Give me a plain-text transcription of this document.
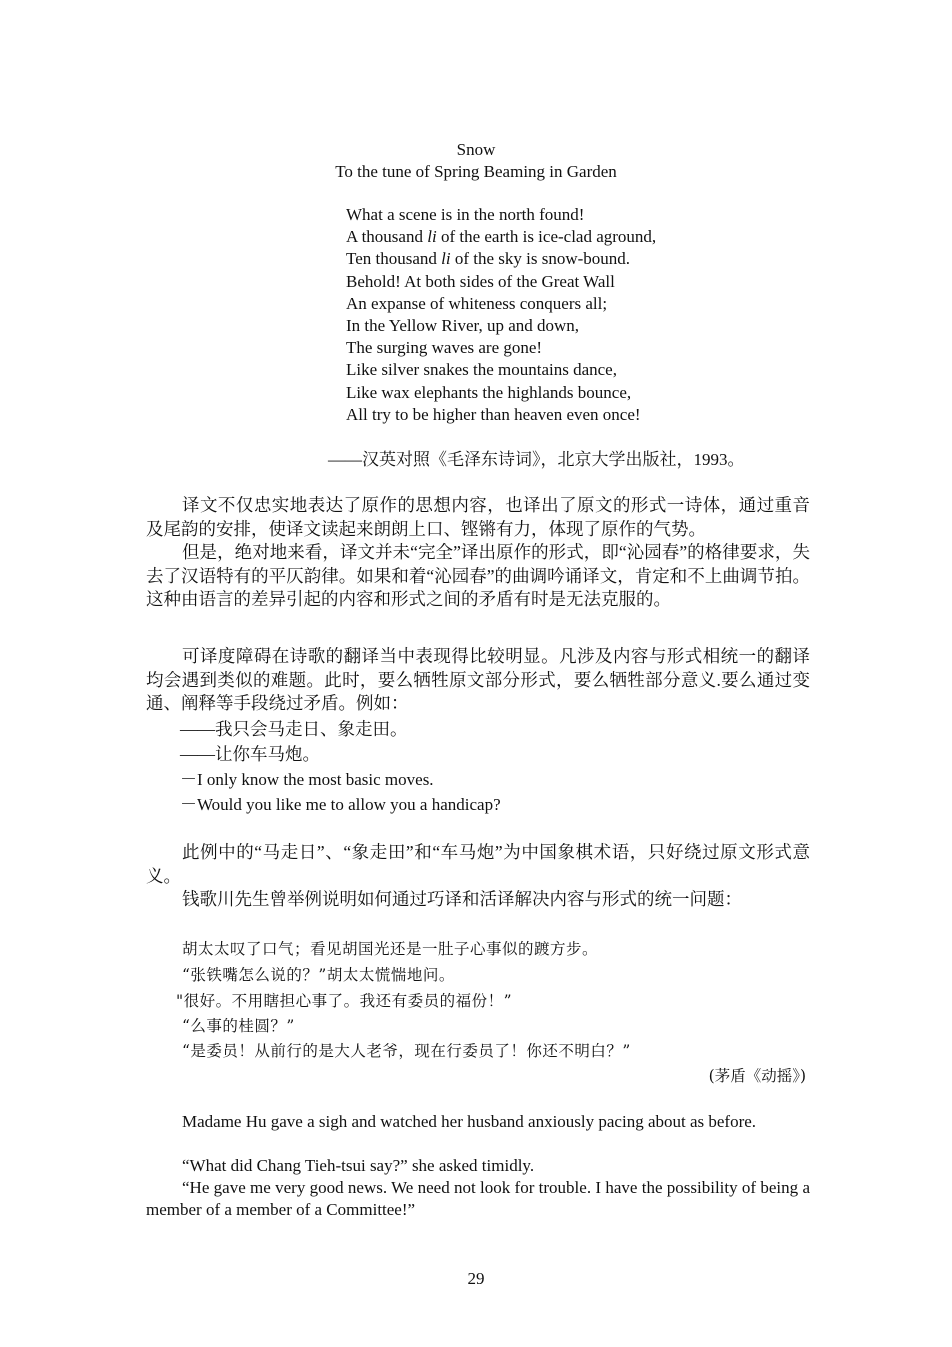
Snow
To the tune of Spring Beaming in Garden
What a scene is in the north found!
A thousand li of the earth is ice-clad aground,
Ten thousand li of the sky is snow-bound.
Behold! At both sides of the Great Wall
An expanse of whiteness conquers all;
In the Yellow River, up and down,
The surging waves are gone!
Like silver snakes the mountains dance,
Like wax elephants the highlands bounce,
All try to be higher than heaven even once!
——汉英对照《毛泽东诗词》，北京大学出版社，1993。
译文不仅忠实地表达了原作的思想内容，也译出了原文的形式一诗体，通过重音及尾韵的安排，使译文读起来朗朗上口、铿锵有力，体现了原作的气势。
但是，绝对地来看，译文并未“完全”译出原作的形式，即“沁园春”的格律要求，失去了汉语特有的平仄韵律。如果和着“沁园春”的曲调吟诵译文，肯定和不上曲调节拍。这种由语言的差异引起的内容和形式之间的矛盾有时是无法克服的。
可译度障碍在诗歌的翻译当中表现得比较明显。凡涉及内容与形式相统一的翻译均会遇到类似的难题。此时，要么牺牲原文部分形式，要么牺牲部分意义.要么通过变通、阐释等手段绕过矛盾。例如：
——我只会马走日、象走田。
——让你车马炮。
－I only know the most basic moves.
－Would you like me to allow you a handicap?
此例中的“马走日”、“象走田”和“车马炮”为中国象棋术语，只好绕过原文形式意义。
钱歌川先生曾举例说明如何通过巧译和活译解决内容与形式的统一问题：
胡太太叹了口气；看见胡国光还是一肚子心事似的踱方步。
“张铁嘴怎么说的？”胡太太慌惴地问。
"很好。不用瞎担心事了。我还有委员的福份！”
“么事的桂圆？”
“是委员！从前行的是大人老爷，现在行委员了！你还不明白？”
(茅盾《动摇》)
Madame Hu gave a sigh and watched her husband anxiously pacing about as before.
“What did Chang Tieh-tsui say?” she asked timidly.
“He gave me very good news. We need not look for trouble. I have the possibility of being a member of a member of a Committee!”
29
